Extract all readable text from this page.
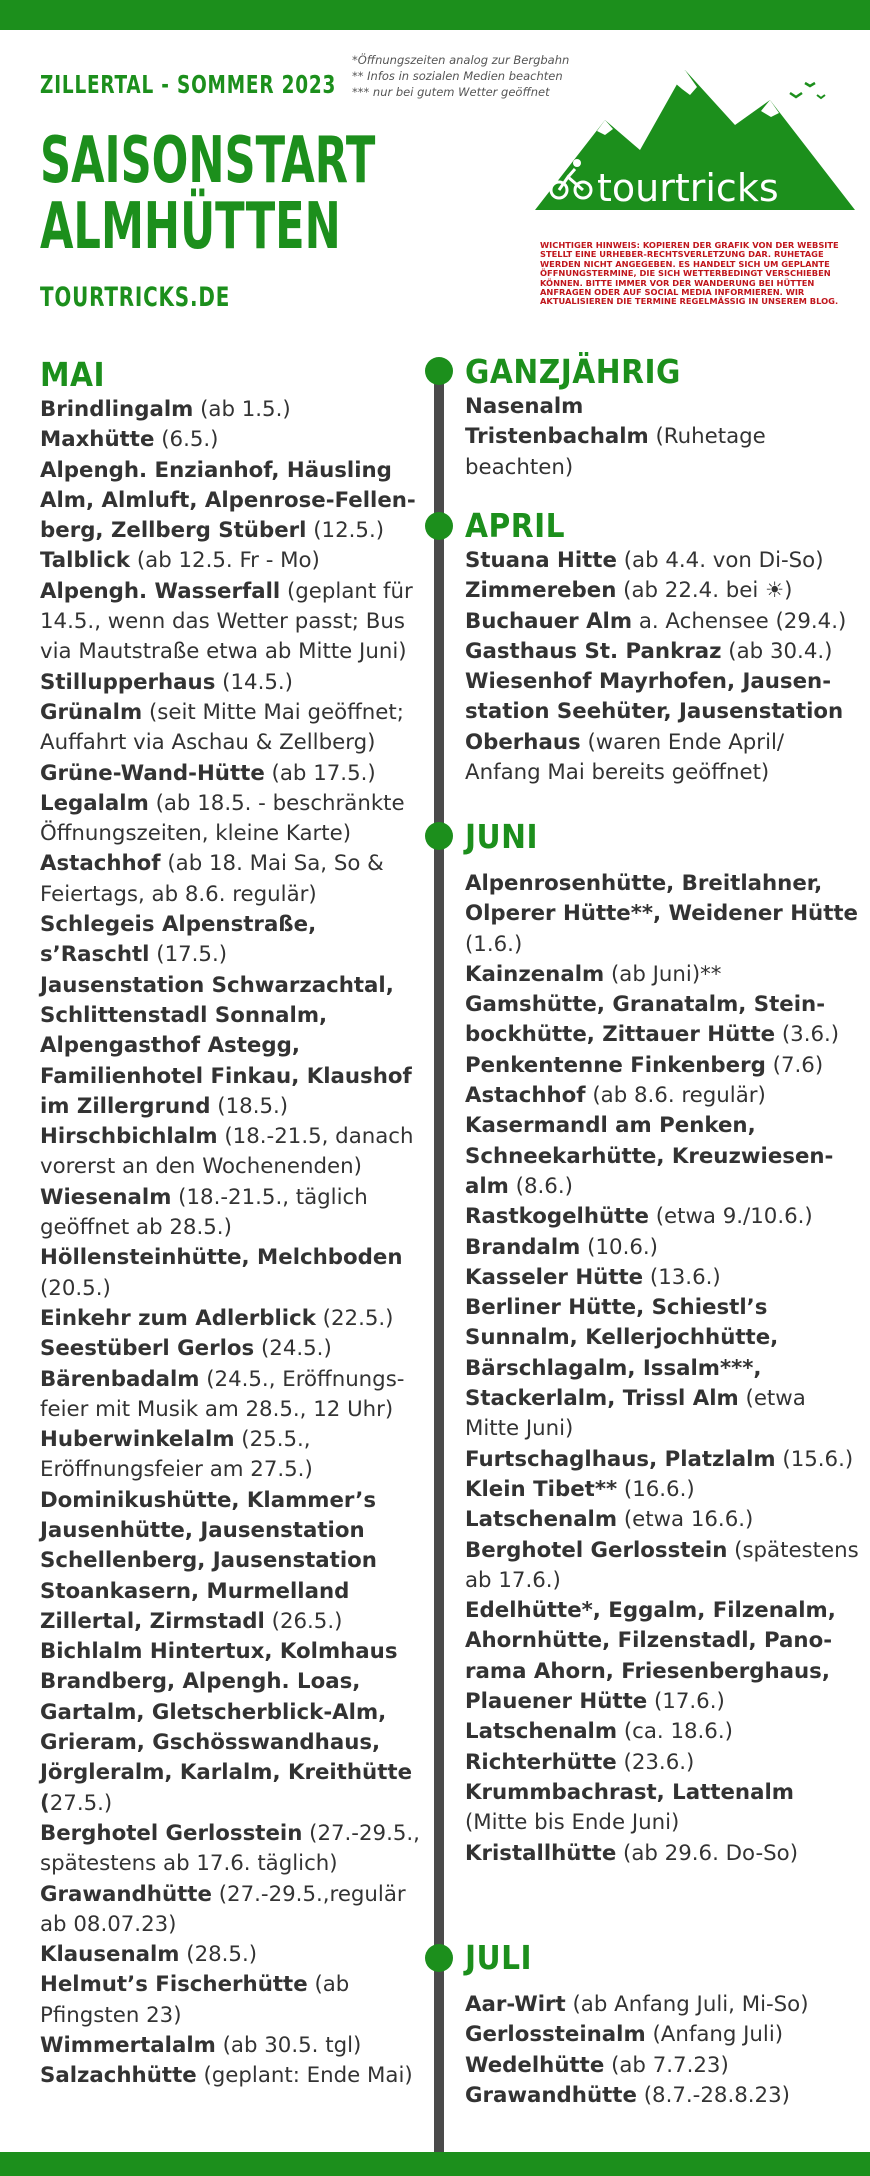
ZILLERTAL - SOMMER 2023
SAISONSTART
ALMHÜTTEN
TOURTRICKS.DE
*Öffnungszeiten analog zur Bergbahn
** Infos in sozialen Medien beachten
*** nur bei gutem Wetter geöffnet
tourtricks
WICHTIGER HINWEIS: KOPIEREN DER GRAFIK VON DER WEBSITE STELLT EINE URHEBER-RECHTSVERLETZUNG DAR. RUHETAGE WERDEN NICHT ANGEGEBEN. ES HANDELT SICH UM GEPLANTE ÖFFNUNGSTERMINE, DIE SICH WETTERBEDINGT VERSCHIEBEN KÖNNEN. BITTE IMMER VOR DER WANDERUNG BEI HÜTTEN ANFRAGEN ODER AUF SOCIAL MEDIA INFORMIEREN. WIR AKTUALISIEREN DIE TERMINE REGELMÄSSIG IN UNSEREM BLOG.
MAI
Brindlingalm (ab 1.5.)
Maxhütte (6.5.)
Alpengh. Enzianhof, Häusling Alm, Almluft, Alpenrose-Fellen-berg, Zellberg Stüberl (12.5.)
Talblick (ab 12.5. Fr - Mo)
Alpengh. Wasserfall (geplant für 14.5., wenn das Wetter passt; Bus via Mautstraße etwa ab Mitte Juni)
Stillupperhaus (14.5.)
Grünalm (seit Mitte Mai geöffnet; Auffahrt via Aschau & Zellberg)
Grüne-Wand-Hütte (ab 17.5.)
Legalalm (ab 18.5. - beschränkte Öffnungszeiten, kleine Karte)
Astachhof (ab 18. Mai Sa, So & Feiertags, ab 8.6. regulär)
Schlegeis Alpenstraße, s’Raschtl (17.5.)
Jausenstation Schwarzachtal, Schlittenstadl Sonnalm, Alpengasthof Astegg, Familienhotel Finkau, Klaushof im Zillergrund (18.5.)
Hirschbichlalm (18.-21.5, danach vorerst an den Wochenenden)
Wiesenalm (18.-21.5., täglich geöffnet ab 28.5.)
Höllensteinhütte, Melchboden (20.5.)
Einkehr zum Adlerblick (22.5.)
Seestüberl Gerlos (24.5.)
Bärenbadalm (24.5., Eröffnungs-feier mit Musik am 28.5., 12 Uhr)
Huberwinkelalm (25.5., Eröffnungsfeier am 27.5.)
Dominikushütte, Klammer’s Jausenhütte, Jausenstation Schellenberg, Jausenstation Stoankasern, Murmelland Zillertal, Zirmstadl (26.5.)
Bichlalm Hintertux, Kolmhaus Brandberg, Alpengh. Loas, Gartalm, Gletscherblick-Alm, Grieram, Gschösswandhaus, Jörgleralm, Karlalm, Kreithütte (27.5.)
Berghotel Gerlosstein (27.-29.5., spätestens ab 17.6. täglich)
Grawandhütte (27.-29.5.,regulär ab 08.07.23)
Klausenalm (28.5.)
Helmut’s Fischerhütte (ab Pfingsten 23)
Wimmertalalm (ab 30.5. tgl)
Salzachhütte (geplant: Ende Mai)
GANZJÄHRIG
Nasenalm
Tristenbachalm (Ruhetage beachten)
APRIL
Stuana Hitte (ab 4.4. von Di-So)
Zimmereben (ab 22.4. bei ☀)
Buchauer Alm a. Achensee (29.4.)
Gasthaus St. Pankraz (ab 30.4.)
Wiesenhof Mayrhofen, Jausen-station Seehüter, Jausenstation Oberhaus (waren Ende April/ Anfang Mai bereits geöffnet)
JUNI
Alpenrosenhütte, Breitlahner, Olperer Hütte**, Weidener Hütte (1.6.)
Kainzenalm (ab Juni)**
Gamshütte, Granatalm, Stein-bockhütte, Zittauer Hütte (3.6.)
Penkentenne Finkenberg (7.6)
Astachhof (ab 8.6. regulär)
Kasermandl am Penken, Schneekarhütte, Kreuzwiesen-alm (8.6.)
Rastkogelhütte (etwa 9./10.6.)
Brandalm (10.6.)
Kasseler Hütte (13.6.)
Berliner Hütte, Schiestl’s Sunnalm, Kellerjochhütte, Bärschlagalm, Issalm***, Stackerlalm, Trissl Alm (etwa Mitte Juni)
Furtschaglhaus, Platzlalm (15.6.)
Klein Tibet** (16.6.)
Latschenalm (etwa 16.6.)
Berghotel Gerlosstein (spätestens ab 17.6.)
Edelhütte*, Eggalm, Filzenalm, Ahornhütte, Filzenstadl, Pano-rama Ahorn, Friesenberghaus, Plauener Hütte (17.6.)
Latschenalm (ca. 18.6.)
Richterhütte (23.6.)
Krummbachrast, Lattenalm (Mitte bis Ende Juni)
Kristallhütte (ab 29.6. Do-So)
JULI
Aar-Wirt (ab Anfang Juli, Mi-So)
Gerlossteinalm (Anfang Juli)
Wedelhütte (ab 7.7.23)
Grawandhütte (8.7.-28.8.23)
